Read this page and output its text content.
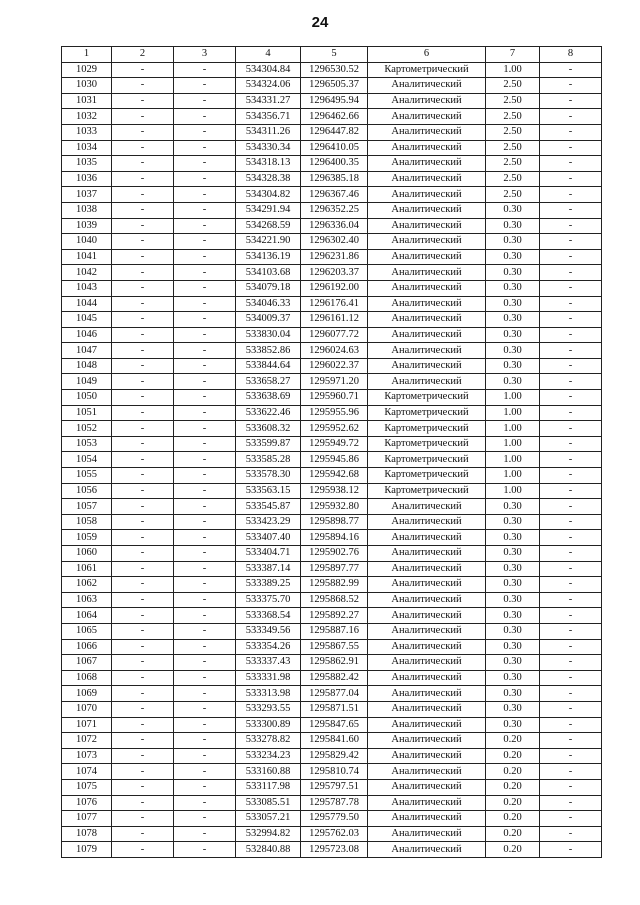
24
1	2	3	4	5	6	7	8
1029	-	-	534304.84	1296530.52	Картометрический	1.00	-
1030	-	-	534324.06	1296505.37	Аналитический	2.50	-
1031	-	-	534331.27	1296495.94	Аналитический	2.50	-
1032	-	-	534356.71	1296462.66	Аналитический	2.50	-
1033	-	-	534311.26	1296447.82	Аналитический	2.50	-
1034	-	-	534330.34	1296410.05	Аналитический	2.50	-
1035	-	-	534318.13	1296400.35	Аналитический	2.50	-
1036	-	-	534328.38	1296385.18	Аналитический	2.50	-
1037	-	-	534304.82	1296367.46	Аналитический	2.50	-
1038	-	-	534291.94	1296352.25	Аналитический	0.30	-
1039	-	-	534268.59	1296336.04	Аналитический	0.30	-
1040	-	-	534221.90	1296302.40	Аналитический	0.30	-
1041	-	-	534136.19	1296231.86	Аналитический	0.30	-
1042	-	-	534103.68	1296203.37	Аналитический	0.30	-
1043	-	-	534079.18	1296192.00	Аналитический	0.30	-
1044	-	-	534046.33	1296176.41	Аналитический	0.30	-
1045	-	-	534009.37	1296161.12	Аналитический	0.30	-
1046	-	-	533830.04	1296077.72	Аналитический	0.30	-
1047	-	-	533852.86	1296024.63	Аналитический	0.30	-
1048	-	-	533844.64	1296022.37	Аналитический	0.30	-
1049	-	-	533658.27	1295971.20	Аналитический	0.30	-
1050	-	-	533638.69	1295960.71	Картометрический	1.00	-
1051	-	-	533622.46	1295955.96	Картометрический	1.00	-
1052	-	-	533608.32	1295952.62	Картометрический	1.00	-
1053	-	-	533599.87	1295949.72	Картометрический	1.00	-
1054	-	-	533585.28	1295945.86	Картометрический	1.00	-
1055	-	-	533578.30	1295942.68	Картометрический	1.00	-
1056	-	-	533563.15	1295938.12	Картометрический	1.00	-
1057	-	-	533545.87	1295932.80	Аналитический	0.30	-
1058	-	-	533423.29	1295898.77	Аналитический	0.30	-
1059	-	-	533407.40	1295894.16	Аналитический	0.30	-
1060	-	-	533404.71	1295902.76	Аналитический	0.30	-
1061	-	-	533387.14	1295897.77	Аналитический	0.30	-
1062	-	-	533389.25	1295882.99	Аналитический	0.30	-
1063	-	-	533375.70	1295868.52	Аналитический	0.30	-
1064	-	-	533368.54	1295892.27	Аналитический	0.30	-
1065	-	-	533349.56	1295887.16	Аналитический	0.30	-
1066	-	-	533354.26	1295867.55	Аналитический	0.30	-
1067	-	-	533337.43	1295862.91	Аналитический	0.30	-
1068	-	-	533331.98	1295882.42	Аналитический	0.30	-
1069	-	-	533313.98	1295877.04	Аналитический	0.30	-
1070	-	-	533293.55	1295871.51	Аналитический	0.30	-
1071	-	-	533300.89	1295847.65	Аналитический	0.30	-
1072	-	-	533278.82	1295841.60	Аналитический	0.20	-
1073	-	-	533234.23	1295829.42	Аналитический	0.20	-
1074	-	-	533160.88	1295810.74	Аналитический	0.20	-
1075	-	-	533117.98	1295797.51	Аналитический	0.20	-
1076	-	-	533085.51	1295787.78	Аналитический	0.20	-
1077	-	-	533057.21	1295779.50	Аналитический	0.20	-
1078	-	-	532994.82	1295762.03	Аналитический	0.20	-
1079	-	-	532840.88	1295723.08	Аналитический	0.20	-
